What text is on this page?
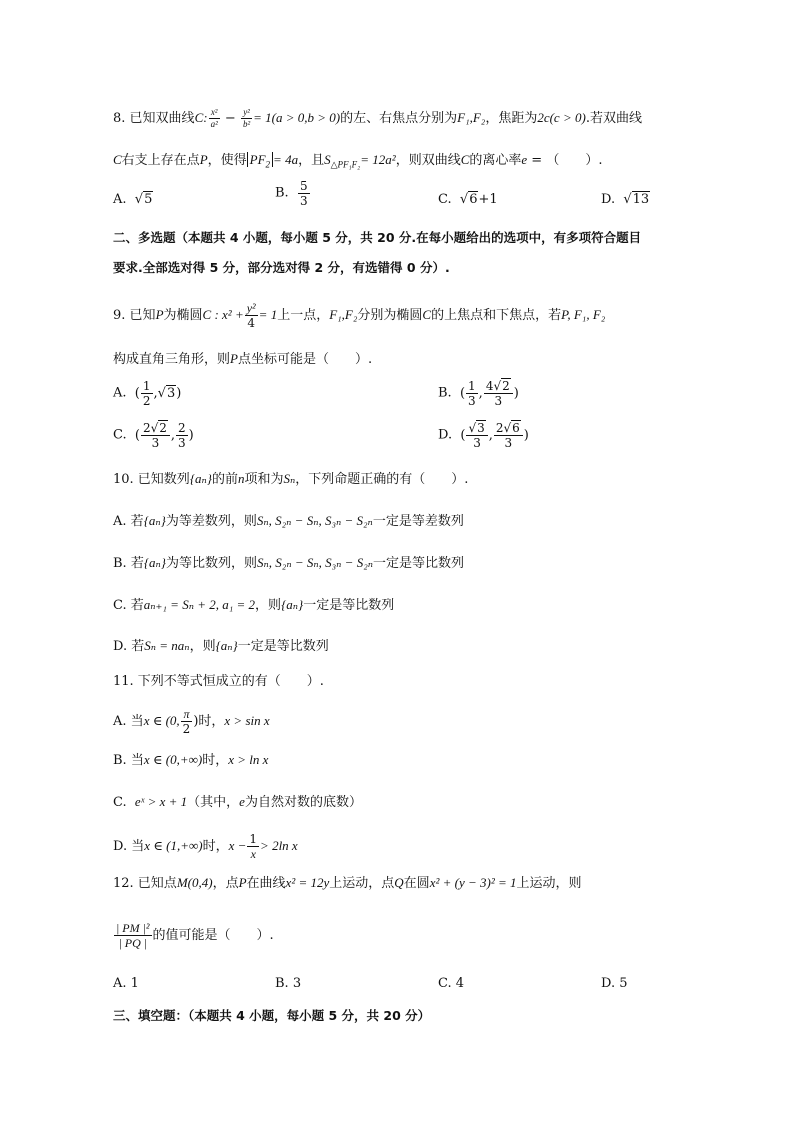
8. 已知双曲线C: $\frac{\text{x²}}{\text{a²}} - \frac{\text{y²}}{\text{b²}} = 1(a > 0,b > 0)$的左、右焦点分别为F₁,F₂，焦距为2c(c > 0).若双曲线
C右支上存在点P，使得 $PF_2 = 4a$，且$S_{\triangle PF_1F_2}= 12a^2$，则双曲线C的离心率e = （　　）.
A.  √5	B. $\frac{5}{3}$	C.  √6+1	D.  √13
二、多选题（本题共 4 小题，每小题 5 分，共 20 分.在每小题给出的选项中，有多项符合题目
要求.全部选对得 5 分，部分选对得 2 分，有选错得 0 分）.
9. 已知P为椭圆C : $x^2 + \frac{\text{y²}}{4} = 1$上一点，F₁,F₂分别为椭圆C的上焦点和下焦点，若P, F₁, F₂
构成直角三角形，则P点坐标可能是（　　）.
A.  ( $\frac{1}{2} ,√3$)	B.  ( $\frac{1}{3}$ , $\frac{4√2}{3}$ )
C.  ( $\frac{2√2}{3}$ , $\frac{2}{3}$ )	D.  ( $\frac{√3}{3}$ , $\frac{2√6}{3}$ )
10. 已知数列{aₙ}的前n项和为Sₙ，下列命题正确的有（　　）.
A. 若{aₙ}为等差数列，则Sₙ, S₂ₙ − Sₙ, S₃ₙ − S₂ₙ一定是等差数列
B. 若{aₙ}为等比数列，则Sₙ, S₂ₙ − Sₙ, S₃ₙ − S₂ₙ一定是等比数列
C. 若aₙ₊₁ = Sₙ + 2, a₁ = 2，则{aₙ}一定是等比数列
D. 若Sₙ = naₙ，则{aₙ}一定是等比数列
11. 下列不等式恒成立的有（　　）.
A. 当x ∈ (0, $\frac{\pi}{2}$ )时，x > sin x
B. 当x ∈ (0,+∞)时，x > ln x
C. eˣ > x + 1（其中，e为自然对数的底数）
D. 当x ∈ (1,+∞)时，$x - \frac{1}{x} > 2\ln$ x
12. 已知点M(0,4)，点P在曲线x² = 12y上运动，点Q在圆x² + (y − 3)² = 1上运动，则
$\frac{\text{| PM |²}}{| PQ |}$ 的值可能是（　　）.
A. 1	B. 3	C. 4	D. 5
三、填空题：（本题共 4 小题，每小题 5 分，共 20 分）
